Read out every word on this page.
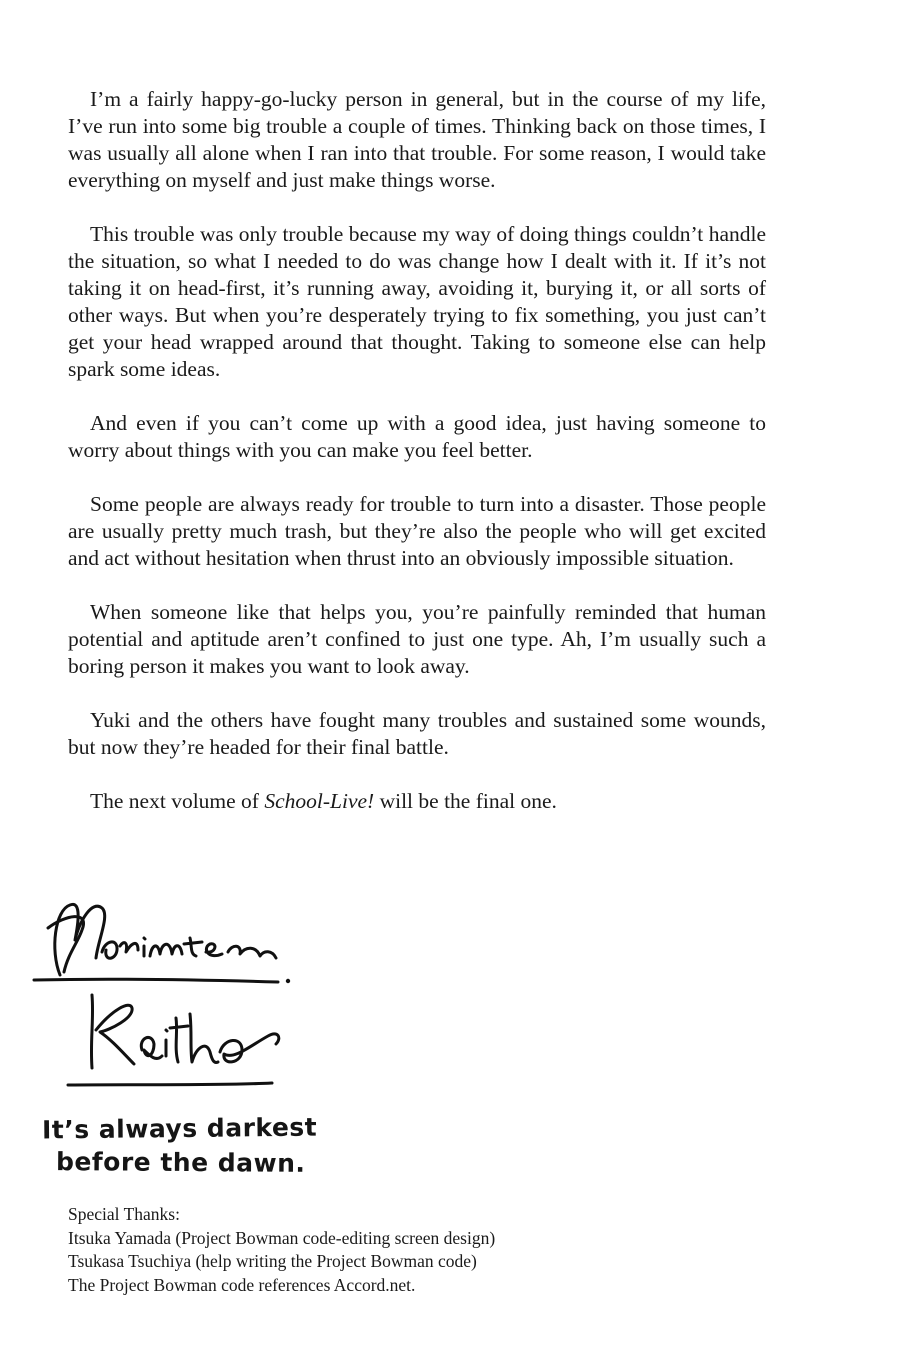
I’m a fairly happy-go-lucky person in general, but in the course of my life, I’ve run into some big trouble a couple of times. Thinking back on those times, I was usually all alone when I ran into that trouble. For some reason, I would take everything on myself and just make things worse.

This trouble was only trouble because my way of doing things couldn’t handle the situation, so what I needed to do was change how I dealt with it. If it’s not taking it on head-first, it’s running away, avoiding it, burying it, or all sorts of other ways. But when you’re desperately trying to fix something, you just can’t get your head wrapped around that thought. Taking to someone else can help spark some ideas.

And even if you can’t come up with a good idea, just having someone to worry about things with you can make you feel better.

Some people are always ready for trouble to turn into a disaster. Those people are usually pretty much trash, but they’re also the people who will get excited and act without hesitation when thrust into an obviously impossible situation.

When someone like that helps you, you’re painfully reminded that human potential and aptitude aren’t confined to just one type. Ah, I’m usually such a boring person it makes you want to look away.

Yuki and the others have fought many troubles and sustained some wounds, but now they’re headed for their final battle.

The next volume of School-Live! will be the final one.

It’s always darkest
before the dawn.
Special Thanks:
Itsuka Yamada (Project Bowman code-editing screen design)
Tsukasa Tsuchiya (help writing the Project Bowman code)
The Project Bowman code references Accord.net.
